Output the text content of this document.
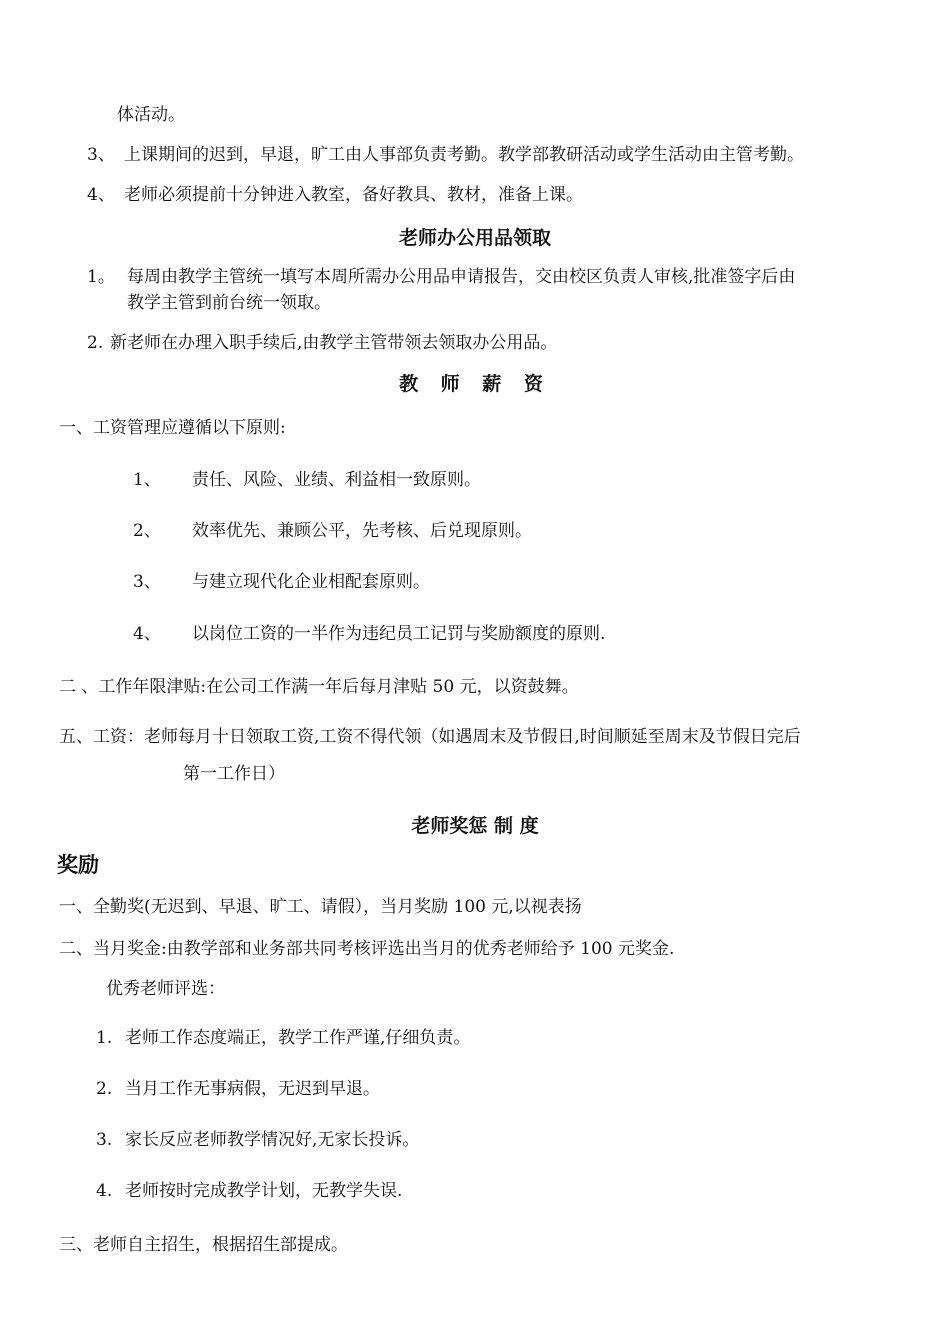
体活动。
3、 上课期间的迟到，早退，旷工由人事部负责考勤。教学部教研活动或学生活动由主管考勤。
4、 老师必须提前十分钟进入教室，备好教具、教材，准备上课。
老师办公用品领取
1。 每周由教学主管统一填写本周所需办公用品申请报告，交由校区负责人审核,批准签字后由
教学主管到前台统一领取。
2. 新老师在办理入职手续后,由教学主管带领去领取办公用品。
教 师 薪 资
一、工资管理应遵循以下原则:
1、 责任、风险、业绩、利益相一致原则。
2、 效率优先、兼顾公平，先考核、后兑现原则。
3、 与建立现代化企业相配套原则。
4、 以岗位工资的一半作为违纪员工记罚与奖励额度的原则.
二 、工作年限津贴:在公司工作满一年后每月津贴 50 元，以资鼓舞。
五、工资：老师每月十日领取工资,工资不得代领（如遇周末及节假日,时间顺延至周末及节假日完后
第一工作日）
老师奖惩 制 度
奖励
一、全勤奖(无迟到、早退、旷工、请假），当月奖励 100 元,以视表扬
二、当月奖金:由教学部和业务部共同考核评选出当月的优秀老师给予 100 元奖金.
优秀老师评选：
1. 老师工作态度端正，教学工作严谨,仔细负责。
2. 当月工作无事病假，无迟到早退。
3. 家长反应老师教学情况好,无家长投诉。
4. 老师按时完成教学计划，无教学失误.
三、老师自主招生，根据招生部提成。
